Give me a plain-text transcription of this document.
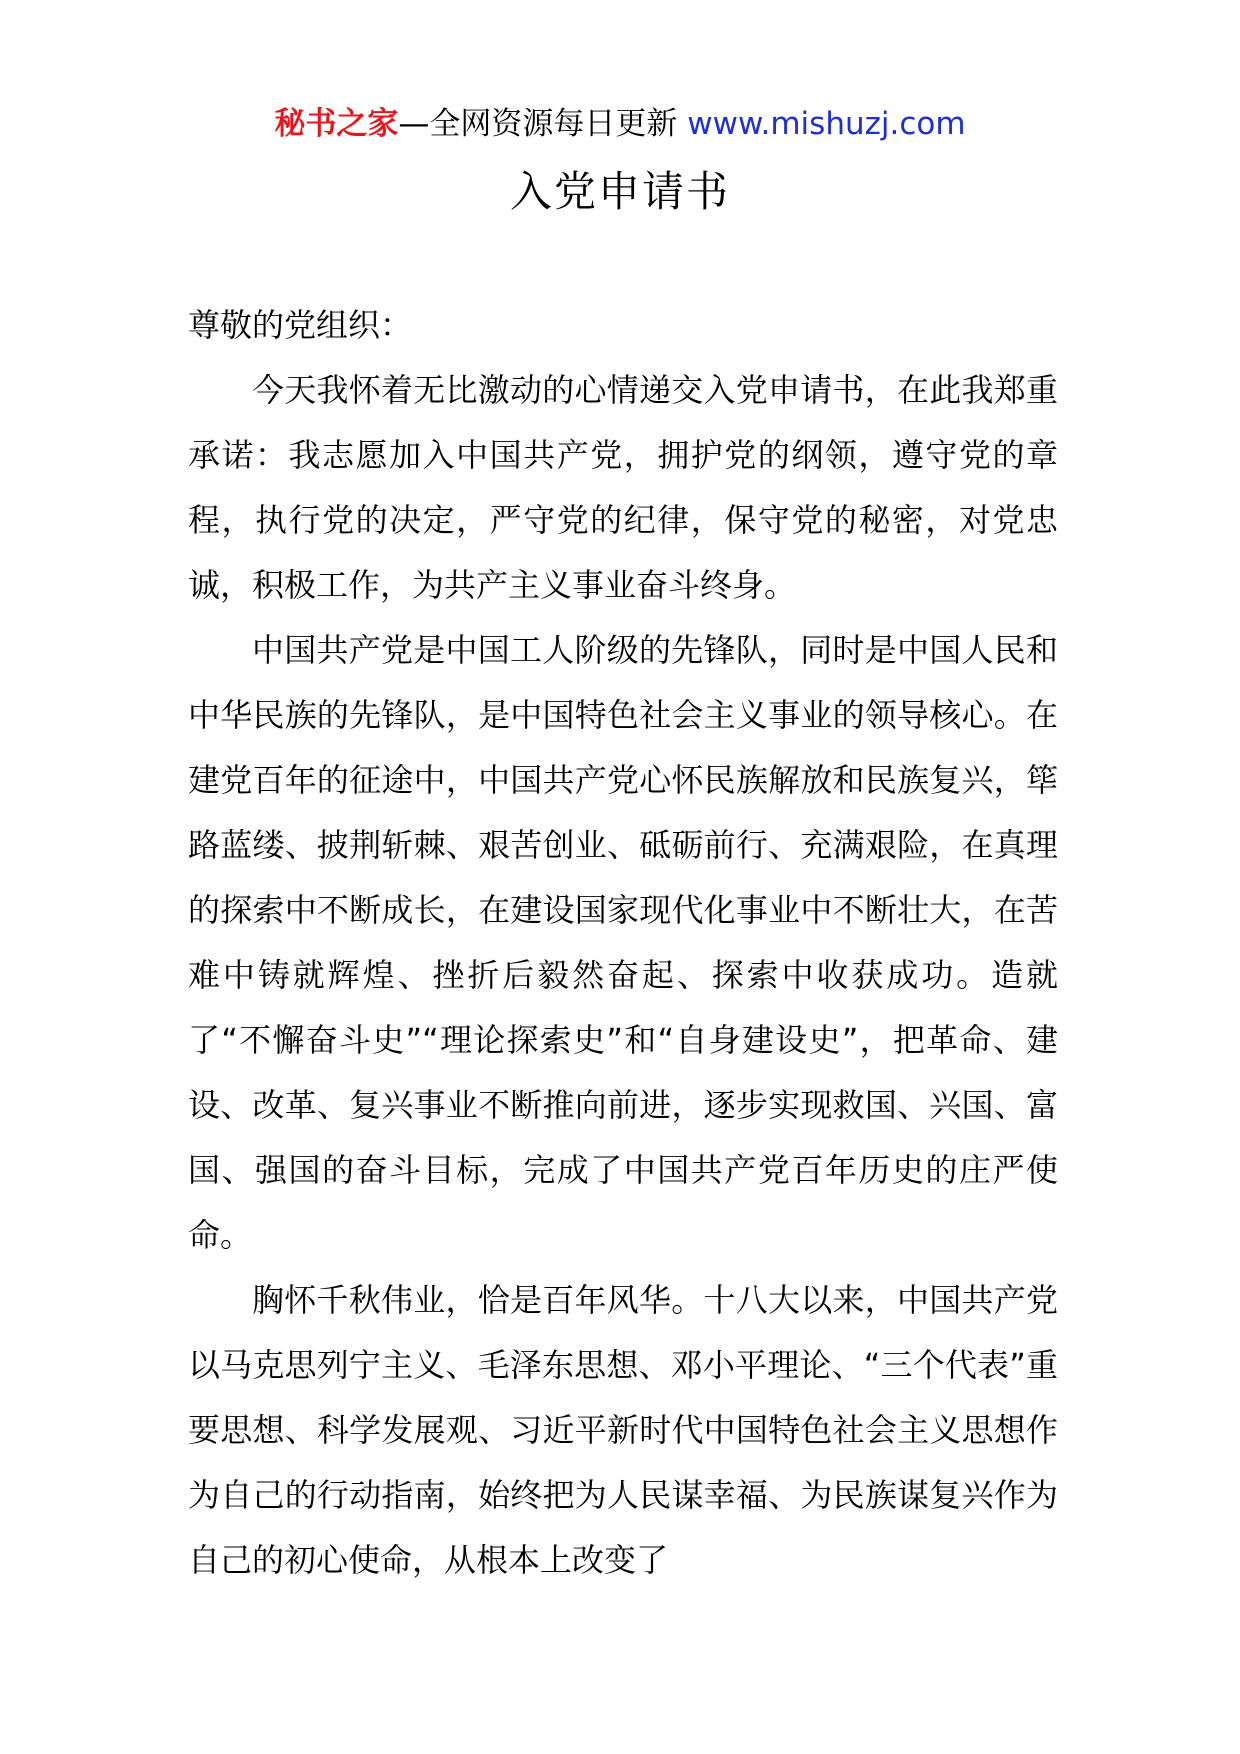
秘书之家—全网资源每日更新 www.mishuzj.com
入党申请书

尊敬的党组织：

今天我怀着无比激动的心情递交入党申请书，在此我郑重承诺：我志愿加入中国共产党，拥护党的纲领，遵守党的章程，执行党的决定，严守党的纪律，保守党的秘密，对党忠诚，积极工作，为共产主义事业奋斗终身。

中国共产党是中国工人阶级的先锋队，同时是中国人民和中华民族的先锋队，是中国特色社会主义事业的领导核心。在建党百年的征途中，中国共产党心怀民族解放和民族复兴，筚路蓝缕、披荆斩棘、艰苦创业、砥砺前行、充满艰险，在真理的探索中不断成长，在建设国家现代化事业中不断壮大，在苦难中铸就辉煌、挫折后毅然奋起、探索中收获成功。造就了“不懈奋斗史”“理论探索史”和“自身建设史”，把革命、建设、改革、复兴事业不断推向前进，逐步实现救国、兴国、富国、强国的奋斗目标，完成了中国共产党百年历史的庄严使命。

胸怀千秋伟业，恰是百年风华。十八大以来，中国共产党以马克思列宁主义、毛泽东思想、邓小平理论、“三个代表”重要思想、科学发展观、习近平新时代中国特色社会主义思想作为自己的行动指南，始终把为人民谋幸福、为民族谋复兴作为自己的初心使命，从根本上改变了
